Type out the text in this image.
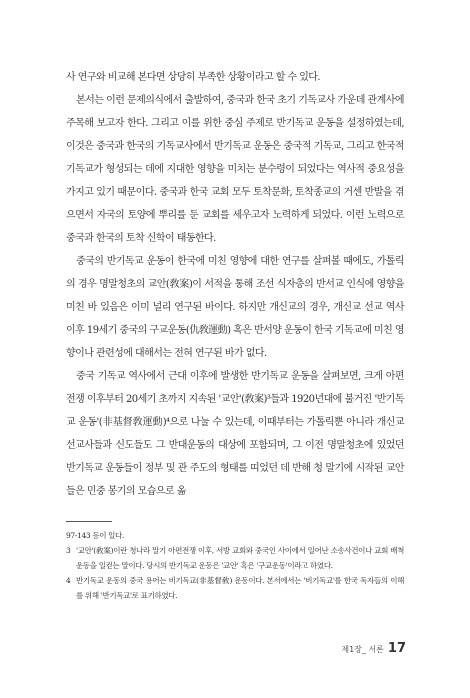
사 연구와 비교해 본다면 상당히 부족한 상황이라고 할 수 있다.

본서는 이런 문제의식에서 출발하여, 중국과 한국 초기 기독교사 가운데 관계사에 주목해 보고자 한다. 그리고 이를 위한 중심 주제로 반기독교 운동을 설정하였는데, 이것은 중국과 한국의 기독교사에서 반기독교 운동은 중국적 기독교, 그리고 한국적 기독교가 형성되는 데에 지대한 영향을 미치는 분수령이 되었다는 역사적 중요성을 가지고 있기 때문이다. 중국과 한국 교회 모두 토착문화, 토착종교의 거센 반발을 겪으면서 자국의 토양에 뿌리를 둔 교회를 세우고자 노력하게 되었다. 이런 노력으로 중국과 한국의 토착 신학이 태동한다.

중국의 반기독교 운동이 한국에 미친 영향에 대한 연구를 살펴볼 때에도, 가톨릭의 경우 명말청초의 교안(敎案)이 서적을 통해 조선 식자층의 반서교 인식에 영향을 미친 바 있음은 이미 널리 연구된 바이다. 하지만 개신교의 경우, 개신교 선교 역사 이후 19세기 중국의 구교운동(仇敎運動) 혹은 반서양 운동이 한국 기독교에 미친 영향이나 관련성에 대해서는 전혀 연구된 바가 없다.

중국 기독교 역사에서 근대 이후에 발생한 반기독교 운동을 살펴보면, 크게 아편전쟁 이후부터 20세기 초까지 지속된 '교안'(敎案)³들과 1920년대에 불거진 '반기독교 운동'(非基督敎運動)⁴으로 나눌 수 있는데, 이때부터는 가톨릭뿐 아니라 개신교 선교사들과 신도들도 그 반대운동의 대상에 포함되며, 그 이전 명말청초에 있었던 반기독교 운동들이 정부 및 관 주도의 형태를 띠었던 데 반해 청 말기에 시작된 교안들은 민중 봉기의 모습으로 옮

97-143 등이 있다.

3 '교안'(敎案)이란 청나라 말기 아편전쟁 이후, 서방 교회와 중국인 사이에서 일어난 소송사건이나 교회 배척운동을 일컫는 말이다. 당시의 반기독교 운동은 '교안' 혹은 '구교운동'이라고 하였다.

4 반기독교 운동의 중국 용어는 비기독교(非基督敎) 운동이다. 본서에서는 '비기독교'를 한국 독자들의 이해를 위해 '반기독교'로 표기하였다.

제1장_ 서론 17
